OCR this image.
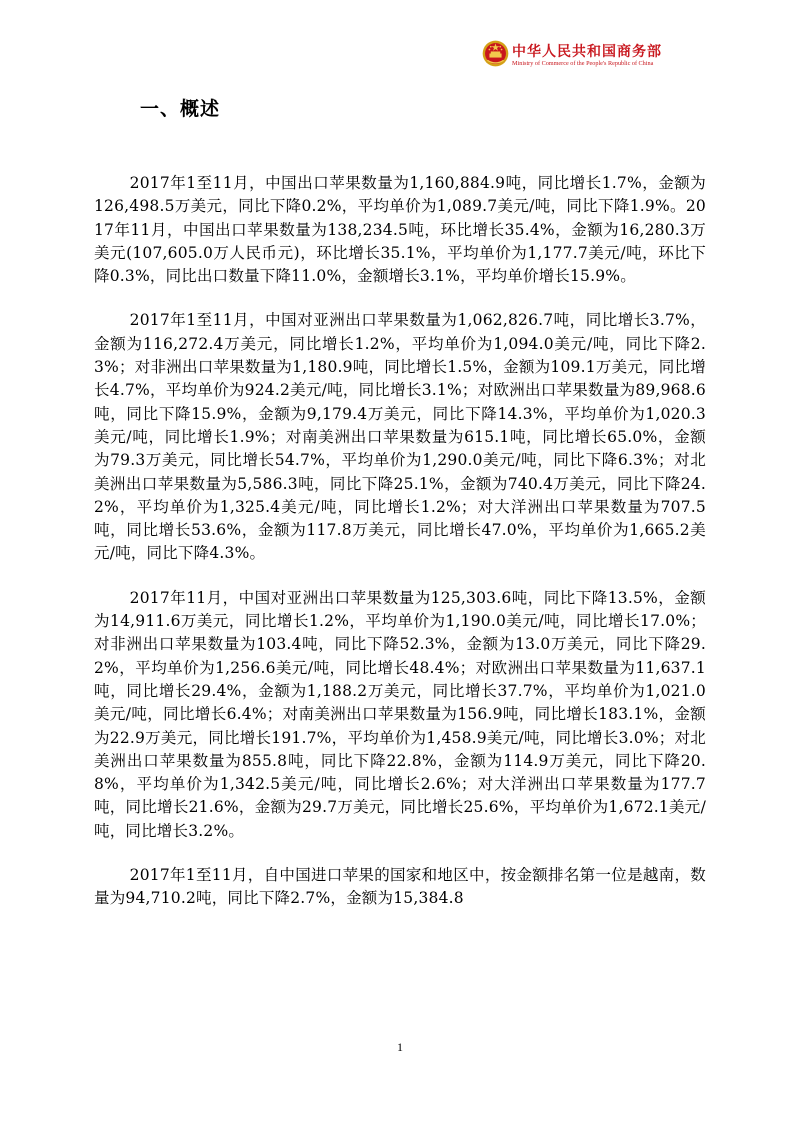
中华人民共和国商务部
Ministry of Commerce of the People's Republic of China
一、概述

2017年1至11月，中国出口苹果数量为1,160,884.9吨，同比增长1.7%，金额为126,498.5万美元，同比下降0.2%，平均单价为1,089.7美元/吨，同比下降1.9%。2017年11月，中国出口苹果数量为138,234.5吨，环比增长35.4%，金额为16,280.3万美元(107,605.0万人民币元)，环比增长35.1%，平均单价为1,177.7美元/吨，环比下降0.3%，同比出口数量下降11.0%，金额增长3.1%，平均单价增长15.9%。

2017年1至11月，中国对亚洲出口苹果数量为1,062,826.7吨，同比增长3.7%，金额为116,272.4万美元，同比增长1.2%，平均单价为1,094.0美元/吨，同比下降2.3%；对非洲出口苹果数量为1,180.9吨，同比增长1.5%，金额为109.1万美元，同比增长4.7%，平均单价为924.2美元/吨，同比增长3.1%；对欧洲出口苹果数量为89,968.6吨，同比下降15.9%，金额为9,179.4万美元，同比下降14.3%，平均单价为1,020.3美元/吨，同比增长1.9%；对南美洲出口苹果数量为615.1吨，同比增长65.0%，金额为79.3万美元，同比增长54.7%，平均单价为1,290.0美元/吨，同比下降6.3%；对北美洲出口苹果数量为5,586.3吨，同比下降25.1%，金额为740.4万美元，同比下降24.2%，平均单价为1,325.4美元/吨，同比增长1.2%；对大洋洲出口苹果数量为707.5吨，同比增长53.6%，金额为117.8万美元，同比增长47.0%，平均单价为1,665.2美元/吨，同比下降4.3%。

2017年11月，中国对亚洲出口苹果数量为125,303.6吨，同比下降13.5%，金额为14,911.6万美元，同比增长1.2%，平均单价为1,190.0美元/吨，同比增长17.0%；对非洲出口苹果数量为103.4吨，同比下降52.3%，金额为13.0万美元，同比下降29.2%，平均单价为1,256.6美元/吨，同比增长48.4%；对欧洲出口苹果数量为11,637.1吨，同比增长29.4%，金额为1,188.2万美元，同比增长37.7%，平均单价为1,021.0美元/吨，同比增长6.4%；对南美洲出口苹果数量为156.9吨，同比增长183.1%，金额为22.9万美元，同比增长191.7%，平均单价为1,458.9美元/吨，同比增长3.0%；对北美洲出口苹果数量为855.8吨，同比下降22.8%，金额为114.9万美元，同比下降20.8%，平均单价为1,342.5美元/吨，同比增长2.6%；对大洋洲出口苹果数量为177.7吨，同比增长21.6%，金额为29.7万美元，同比增长25.6%，平均单价为1,672.1美元/吨，同比增长3.2%。

2017年1至11月，自中国进口苹果的国家和地区中，按金额排名第一位是越南，数量为94,710.2吨，同比下降2.7%，金额为15,384.8

1
